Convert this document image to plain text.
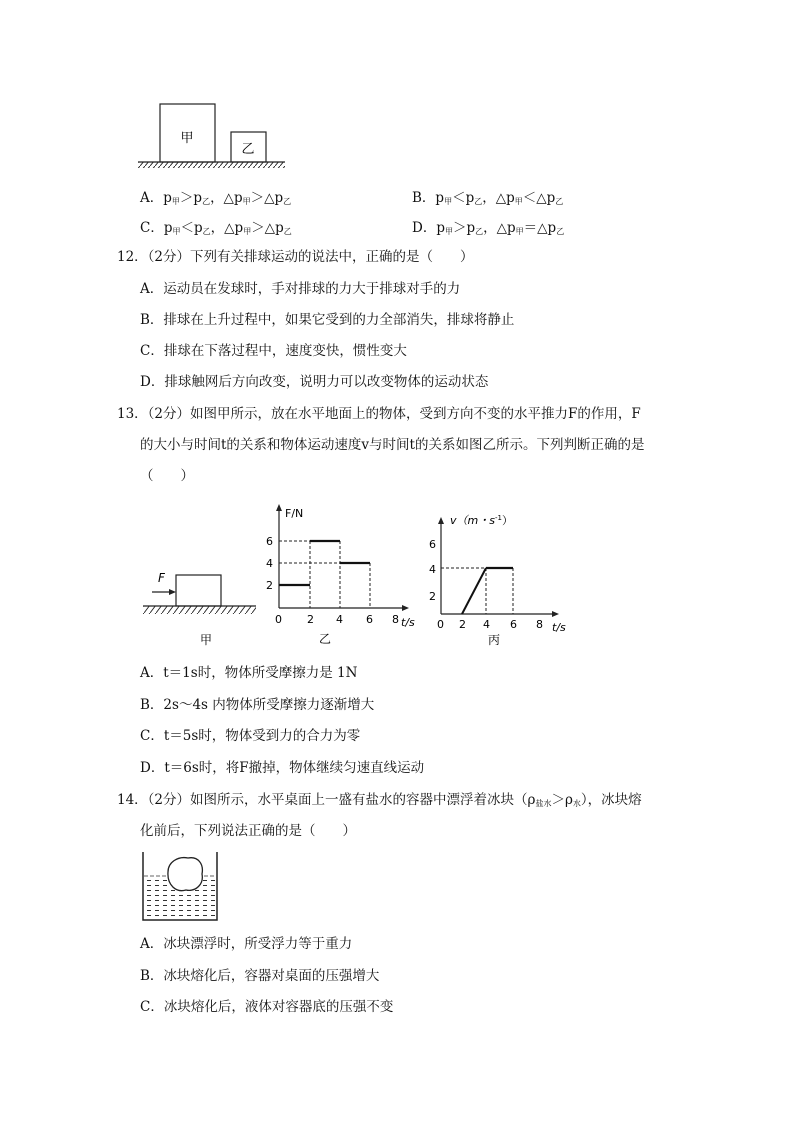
甲
乙
A．$p_甲>p_乙$，$\triangle p_甲>\triangle p_乙$	B．$p_甲<p_乙$，$\triangle p_甲<\triangle p_乙$
C．$p_甲<p_乙$，$\triangle p_甲>\triangle p_乙$	D．$p_甲>p_乙$，$\triangle p_甲=\triangle p_乙$
12．（2分）下列有关排球运动的说法中，正确的是（　　）
A．运动员在发球时，手对排球的力大于排球对手的力
B．排球在上升过程中，如果它受到的力全部消失，排球将静止
C．排球在下落过程中，速度变快，惯性变大
D．排球触网后方向改变，说明力可以改变物体的运动状态
13．（2分）如图甲所示，放在水平地面上的物体，受到方向不变的水平推力F的作用，F
的大小与时间t的关系和物体运动速度v与时间t的关系如图乙所示。下列判断正确的是
（　　）
F
甲
F/N
6
4
2
0 2 4 6 8 t/s
乙
v（m・$s^{-1}$）
6
4
2
0 2 4 6 8 t/s
丙
A．t＝1s时，物体所受摩擦力是 1N
B．2s～4s 内物体所受摩擦力逐渐增大
C．t＝5s时，物体受到力的合力为零
D．t＝6s时，将F撤掉，物体继续匀速直线运动
14．（2分）如图所示，水平桌面上一盛有盐水的容器中漂浮着冰块$(\rho_{盐水}>\rho_水)$，冰块熔
化前后，下列说法正确的是（　　）
A．冰块漂浮时，所受浮力等于重力
B．冰块熔化后，容器对桌面的压强增大
C．冰块熔化后，液体对容器底的压强不变
